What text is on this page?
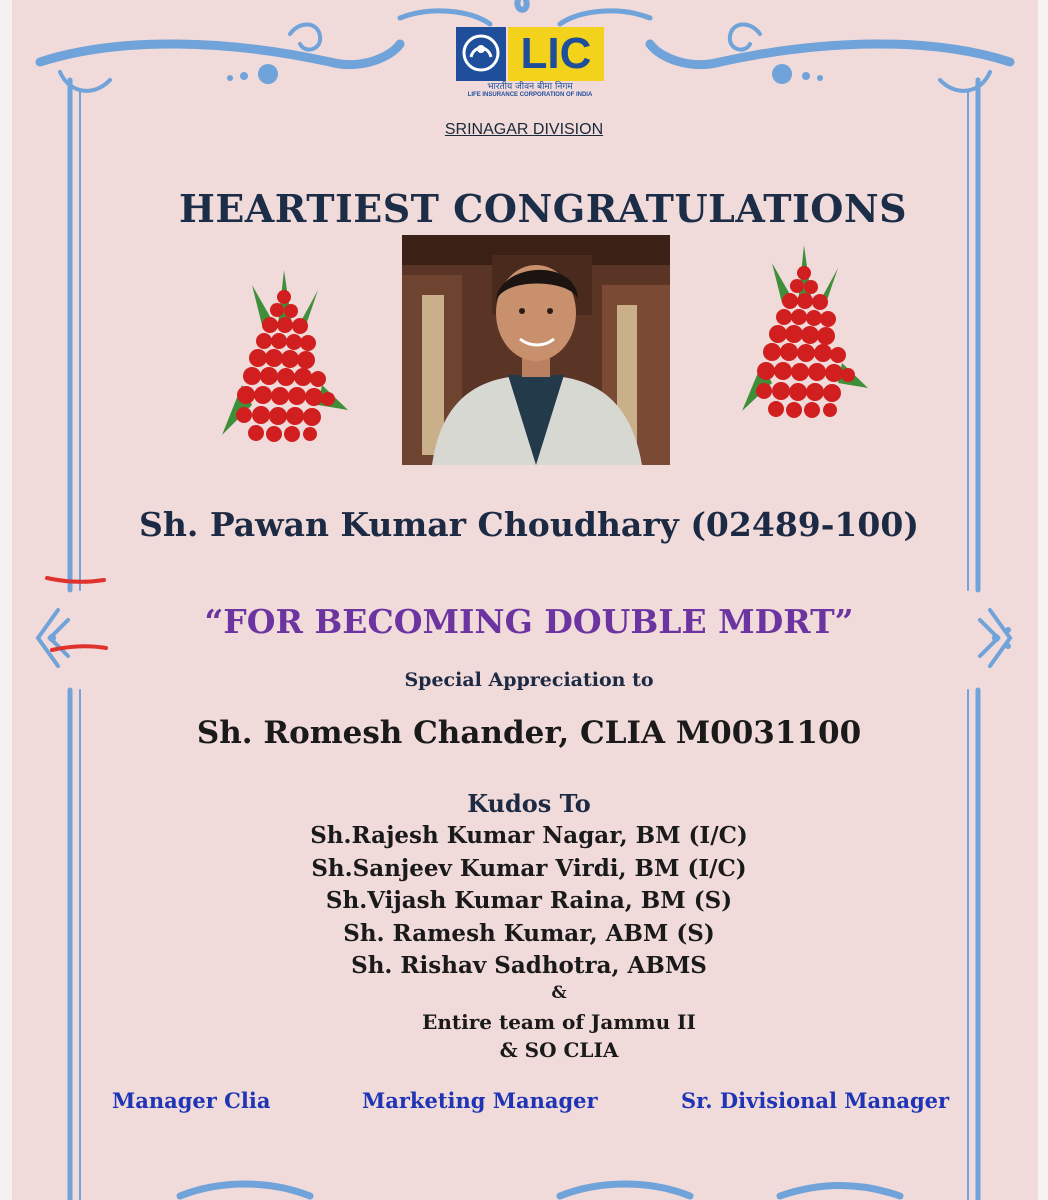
LIC
भारतीय जीवन बीमा निगम
LIFE INSURANCE CORPORATION OF INDIA
SRINAGAR DIVISION
HEARTIEST CONGRATULATIONS
Sh. Pawan Kumar Choudhary (02489-100)
“FOR BECOMING DOUBLE MDRT”
Special Appreciation to
Sh. Romesh Chander, CLIA M0031100
Kudos To
Sh.Rajesh Kumar Nagar, BM (I/C)
Sh.Sanjeev Kumar Virdi, BM (I/C)
Sh.Vijash Kumar Raina, BM (S)
Sh. Ramesh Kumar, ABM (S)
Sh. Rishav Sadhotra, ABMS
&
Entire team of Jammu II
& SO CLIA
Manager Clia	Marketing Manager	Sr. Divisional Manager
